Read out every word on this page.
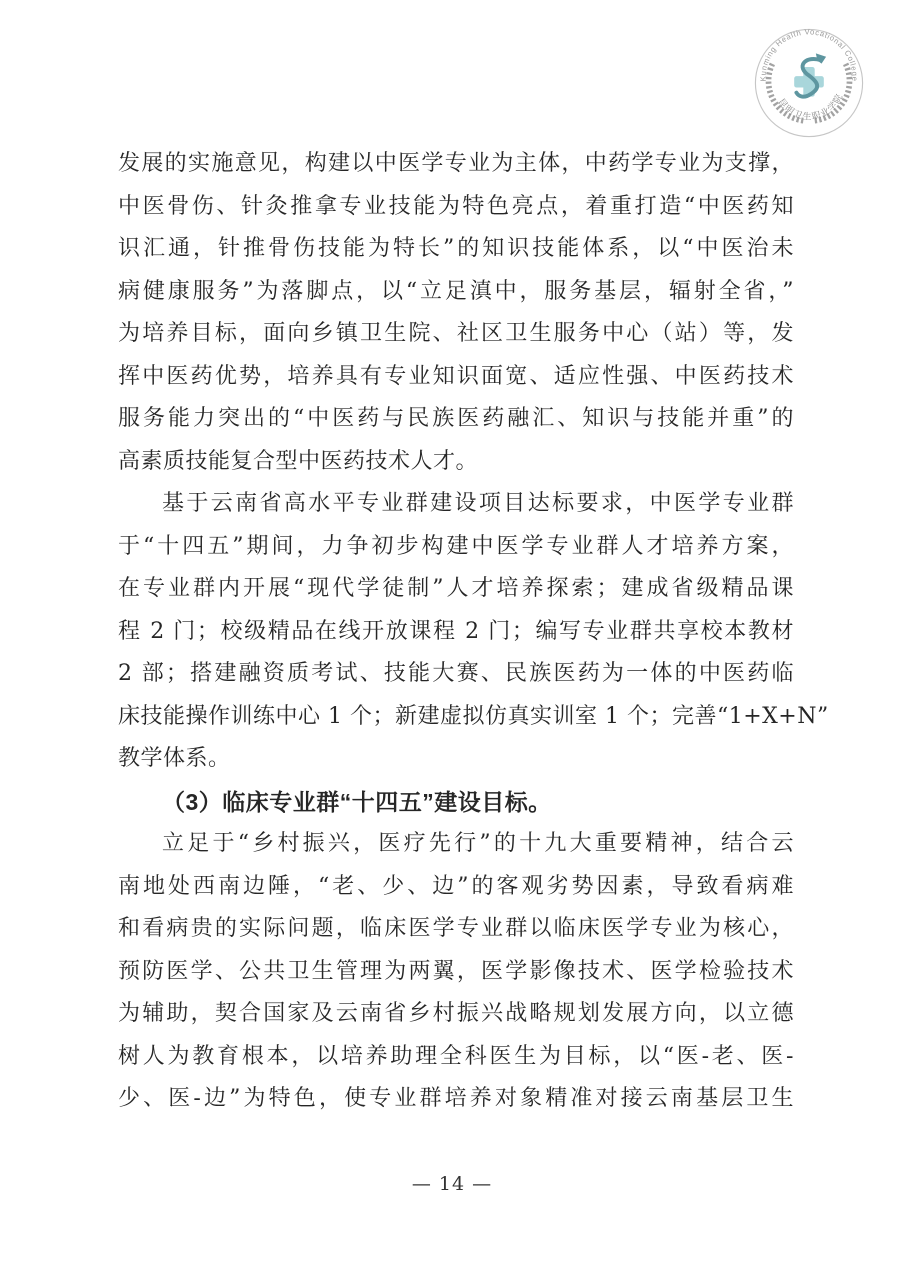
Kunming Health Vocational College
昆明卫生职业学院
发展的实施意见，构建以中医学专业为主体，中药学专业为支撑，
中医骨伤、针灸推拿专业技能为特色亮点，着重打造“中医药知
识汇通，针推骨伤技能为特长”的知识技能体系，以“中医治未
病健康服务”为落脚点，以“立足滇中，服务基层，辐射全省，”
为培养目标，面向乡镇卫生院、社区卫生服务中心（站）等，发
挥中医药优势，培养具有专业知识面宽、适应性强、中医药技术
服务能力突出的“中医药与民族医药融汇、知识与技能并重”的
高素质技能复合型中医药技术人才。
基于云南省高水平专业群建设项目达标要求，中医学专业群
于“十四五”期间，力争初步构建中医学专业群人才培养方案，
在专业群内开展“现代学徒制”人才培养探索；建成省级精品课
程 2 门；校级精品在线开放课程 2 门；编写专业群共享校本教材
2 部；搭建融资质考试、技能大赛、民族医药为一体的中医药临
床技能操作训练中心 1 个；新建虚拟仿真实训室 1 个；完善“1+X+N”
教学体系。
（3）临床专业群“十四五”建设目标。
立足于“乡村振兴，医疗先行”的十九大重要精神，结合云
南地处西南边陲，“老、少、边”的客观劣势因素，导致看病难
和看病贵的实际问题，临床医学专业群以临床医学专业为核心，
预防医学、公共卫生管理为两翼，医学影像技术、医学检验技术
为辅助，契合国家及云南省乡村振兴战略规划发展方向，以立德
树人为教育根本，以培养助理全科医生为目标，以“医-老、医-
少、医-边”为特色，使专业群培养对象精准对接云南基层卫生
— 14 —
